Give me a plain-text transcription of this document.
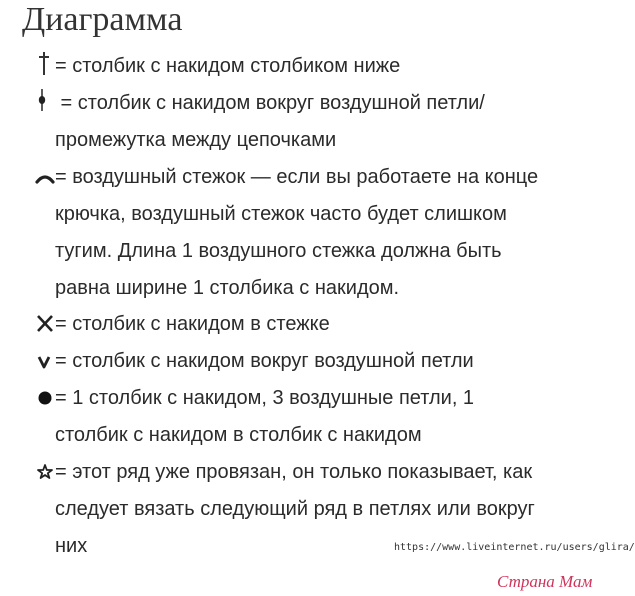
Диаграмма
= столбик с накидом столбиком ниже
= столбик с накидом вокруг воздушной петли/
промежутка между цепочками
= воздушный стежок — если вы работаете на конце
крючка, воздушный стежок часто будет слишком
тугим. Длина 1 воздушного стежка должна быть
равна ширине 1 столбика с накидом.
= столбик с накидом в стежке
= столбик с накидом вокруг воздушной петли
= 1 столбик с накидом, 3 воздушные петли, 1
столбик с накидом в столбик с накидом
= этот ряд уже провязан, он только показывает, как
следует вязать следующий ряд в петлях или вокруг
них	https://www.liveinternet.ru/users/glira/
Страна Мам
